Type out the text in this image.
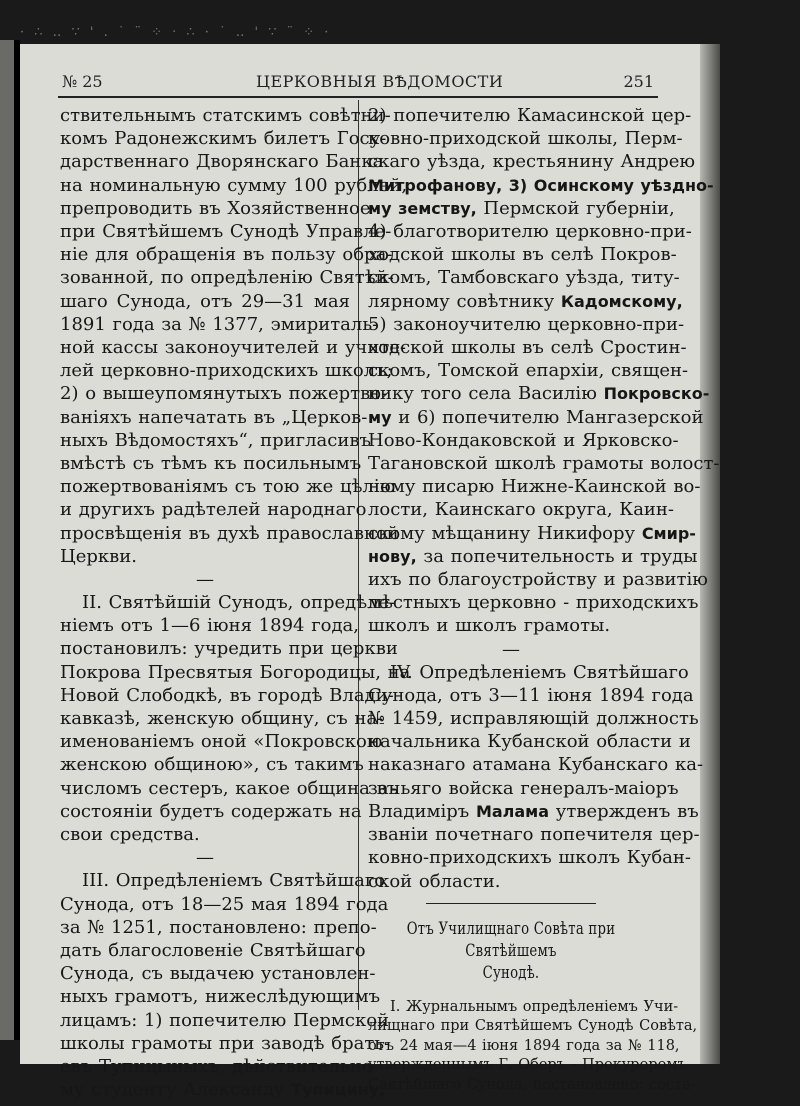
· ∴ ‥ ∵ ' . ˙ ¨ ⁘ ‧ ∴ · ˙ ‥ ' ∵ ¨ ⁘ ·
№ 25	ЦЕРКОВНЫЯ ВѢДОМОСТИ	251
ствительнымъ статскимъ совѣтни-
комъ Радонежскимъ билетъ Госу-
дарственнаго Дворянскаго Банка
на номинальную сумму 100 рублей,
препроводить въ Хозяйственное
при Святѣйшемъ Сунодѣ Управле-
нiе для обращенiя въ пользу обра-
зованной, по опредѣленiю Святѣй-
шаго Сунода, отъ 29—31 мая
1891 года за № 1377, эмириталь-
ной кассы законоучителей и учите-
лей церковно-приходскихъ школъ;
2) о вышеупомянутыхъ пожертво-
ванiяхъ напечатать въ „Церков-
ныхъ Вѣдомостяхъ“, пригласивъ
вмѣстѣ съ тѣмъ къ посильнымъ
пожертвованiямъ съ тою же цѣлiю
и другихъ радѣтелей народнаго
просвѣщенiя въ духѣ православной
Церкви.
—
II. Святѣйшiй Сунодъ, опредѣле-
нiемъ отъ 1—6 iюня 1894 года,
постановилъ: учредить при церкви
Покрова Пресвятыя Богородицы, на
Новой Слободкѣ, въ городѣ Влади-
кавказѣ, женскую общину, съ на-
именованiемъ оной «Покровскою
женскою общиною», съ такимъ
числомъ сестеръ, какое община въ
состоянiи будетъ содержать на
свои средства.
—
III. Опредѣленiемъ Святѣйшаго
Сунода, отъ 18—25 мая 1894 года
за № 1251, постановлено: препо-
дать благословенiе Святѣйшаго
Сунода, съ выдачею установлен-
ныхъ грамотъ, нижеслѣдующимъ
лицамъ: 1) попечителю Пермской
школы грамоты при заводѣ брать-
евъ Тупицыныхъ, дѣйствительно-
му студенту Александу Тупицину,
2) попечителю Камасинской цер-
ковно-приходской школы, Перм-
скаго уѣзда, крестьянину Андрею
Митрофанову, 3) Осинскому уѣздно-
му земству, Пермской губернiи,
4) благотворителю церковно-при-
ходской школы въ селѣ Покров-
скомъ, Тамбовскаго уѣзда, титу-
лярному совѣтнику Кадомскому,
5) законоучителю церковно-при-
ходской школы въ селѣ Сростин-
скомъ, Томской епархiи, священ-
нику того села Василiю Покровско-
му и 6) попечителю Мангазерской
Ново-Кондаковской и Ярковско-
Тагановской школѣ грамоты волост-
ному писарю Нижне-Каинской во-
лости, Каинскаго округа, Каин-
скому мѣщанину Никифору Смир-
нову, за попечительность и труды
ихъ по благоустройству и развитiю
мѣстныхъ церковно - приходскихъ
школъ и школъ грамоты.
—
IV. Опредѣленiемъ Святѣйшаго
Сунода, отъ 3—11 iюня 1894 года
№ 1459, исправляющiй должность
начальника Кубанской области и
наказнаго атамана Кубанскаго ка-
зачьяго войска генералъ-маiоръ
Владимiръ Малама утвержденъ въ
званiи почетнаго попечителя цер-
ковно-приходскихъ школъ Кубан-
ской области.
Отъ Училищнаго Совѣта при Святѣйшемъ
Сунодѣ.
I. Журнальнымъ опредѣленiемъ Учи-
лищнаго при Святѣйшемъ Сунодѣ Совѣта,
отъ 24 мая—4 iюня 1894 года за № 118,
утвержденнымъ Г. Оберъ - Прокуроромъ
Святѣйшаго Сунода, постановлено: соста-
